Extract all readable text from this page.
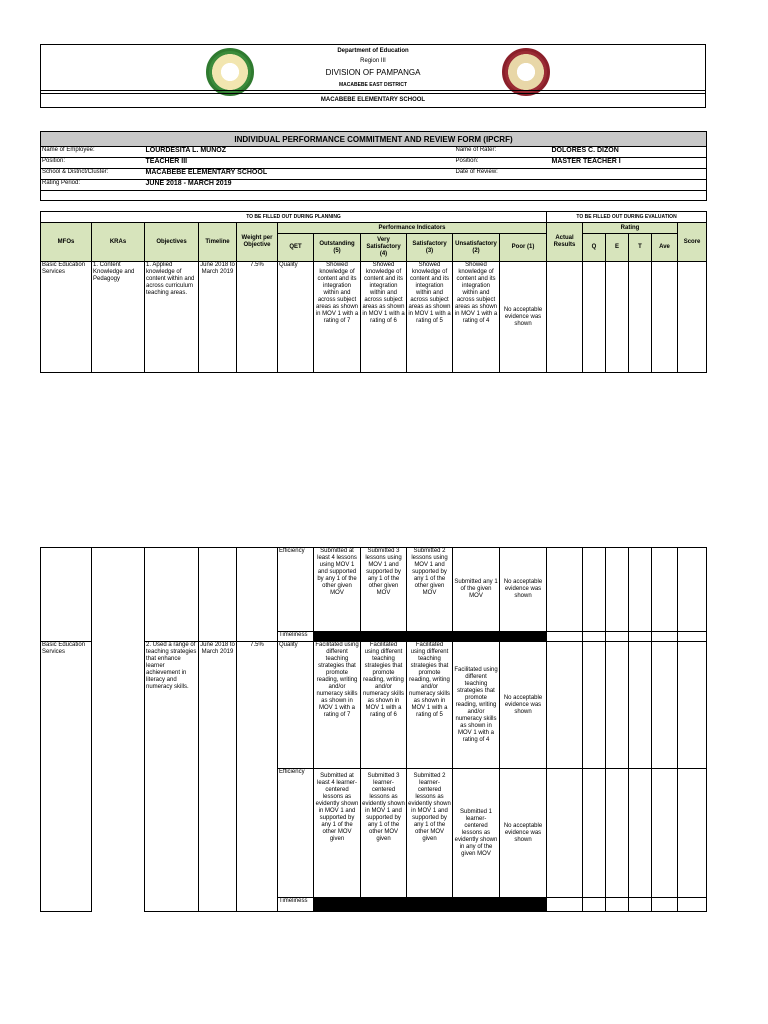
Department of Education
Region III
DIVISION OF PAMPANGA
MACABEBE EAST DISTRICT
MACABEBE ELEMENTARY SCHOOL
INDIVIDUAL PERFORMANCE COMMITMENT AND REVIEW FORM (IPCRF)				
Name of Employee:	LOURDESITA L. MUÑOZ		Name of Rater:	DOLORES C. DIZON
Position:	TEACHER III		Position:	MASTER TEACHER I
School & District/Cluster:	MACABEBE ELEMENTARY SCHOOL		Date of Review:	
Rating Period:	JUNE 2018 - MARCH 2019			

TO BE FILLED OUT DURING PLANNING											TO BE FILLED OUT DURING EVALUATION					
MFOs	KRAs	Objectives	Timeline	Weight per Objective	Performance Indicators						Actual Results	Rating				Score
					QET	Outstanding (5)	Very Satisfactory (4)	Satisfactory (3)	Unsatisfactory (2)	Poor (1)		Q	E	T	Ave	
Basic Education Services	1. Content Knowledge and Pedagogy	1. Applied knowledge of content within and across curriculum teaching areas.	June 2018 to March 2019	7.5%	Quality	Showed knowledge of content and its integration within and across subject areas as shown in MOV 1 with a rating of 7	Showed knowledge of content and its integration within and across subject areas as shown in MOV 1 with a rating of 6	Showed knowledge of content and its integration within and across subject areas as shown in MOV 1 with a rating of 5	Showed knowledge of content and its integration within and across subject areas as shown in MOV 1 with a rating of 4	No acceptable evidence was shown						
					Efficiency	Submitted at least 4 lessons using MOV 1 and supported by any 1 of the other given MOV	Submitted 3 lessons using MOV 1 and supported by any 1 of the other given MOV	Submitted 2 lessons using MOV 1 and supported by any 1 of the other given MOV	Submitted any 1 of the given MOV	No acceptable evidence was shown						
					Timeliness											
Basic Education Services		2. Used a range of teaching strategies that enhance learner achievement in literacy and numeracy skills.	June 2018 to March 2019	7.5%	Quality	Facilitated using different teaching strategies that promote reading, writing and/or numeracy skills as shown in MOV 1 with a rating of 7	Facilitated using different teaching strategies that promote reading, writing and/or numeracy skills as shown in MOV 1 with a rating of 6	Facilitated using different teaching strategies that promote reading, writing and/or numeracy skills as shown in MOV 1 with a rating of 5	Facilitated using different teaching strategies that promote reading, writing and/or numeracy skills as shown in MOV 1 with a rating of 4	No acceptable evidence was shown						
					Efficiency	Submitted at least 4 learner-centered lessons as evidently shown in MOV 1 and supported by any 1 of the other MOV given	Submitted 3 learner-centered lessons as evidently shown in MOV 1 and supported by any 1 of the other MOV given	Submitted 2 learner-centered lessons as evidently shown in MOV 1 and supported by any 1 of the other MOV given	Submitted 1 learner-centered lessons as evidently shown in any of the given MOV	No acceptable evidence was shown						
					Timeliness											
